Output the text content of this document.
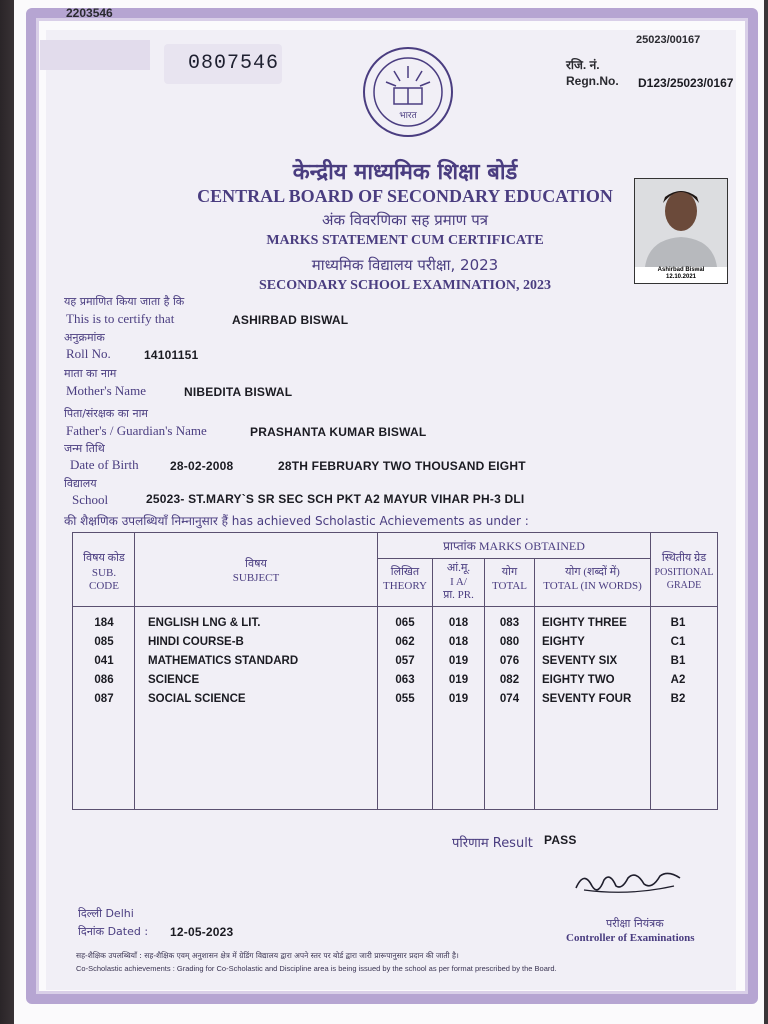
2203546
25023/00167
0807546	रजि. नं.
Regn.No. D123/25023/0167
भारत
केन्द्रीय माध्यमिक शिक्षा बोर्ड
CENTRAL BOARD OF SECONDARY EDUCATION
अंक विवरणिका सह प्रमाण पत्र
MARKS STATEMENT CUM CERTIFICATE
माध्यमिक विद्यालय परीक्षा, 2023
SECONDARY SCHOOL EXAMINATION, 2023
Ashirbad Biswal
12.10.2021
यह प्रमाणित किया जाता है कि
This is to certify that	ASHIRBAD BISWAL
अनुक्रमांक
Roll No.	14101151
माता का नाम
Mother's Name	NIBEDITA BISWAL
पिता/संरक्षक का नाम
Father's / Guardian's Name	PRASHANTA KUMAR BISWAL
जन्म तिथि
Date of Birth	28-02-2008	28TH FEBRUARY TWO THOUSAND EIGHT
विद्यालय
School	25023- ST.MARY`S SR SEC SCH PKT A2 MAYUR VIHAR PH-3 DLI
की शैक्षणिक उपलब्धियाँ निम्नानुसार हैं has achieved Scholastic Achievements as under :
विषय कोड
SUB. CODE
विषय
SUBJECT
प्राप्तांक MARKS OBTAINED
लिखित
THEORY
आं.मू.
I A/
प्रा. PR.
योग
TOTAL
योग (शब्दों में)
TOTAL (IN WORDS)
स्थितीय ग्रेड
POSITIONAL GRADE
184	ENGLISH LNG & LIT.	065	018	083	EIGHTY THREE	B1
085	HINDI COURSE-B	062	018	080	EIGHTY	C1
041	MATHEMATICS STANDARD	057	019	076	SEVENTY SIX	B1
086	SCIENCE	063	019	082	EIGHTY TWO	A2
087	SOCIAL SCIENCE	055	019	074	SEVENTY FOUR	B2
परिणाम Result PASS
दिल्ली Delhi
दिनांक Dated : 12-05-2023
परीक्षा नियंत्रक
Controller of Examinations
सह-शैक्षिक उपलब्धियाँ : सह-शैक्षिक एवम् अनुशासन क्षेत्र में ग्रेडिंग विद्यालय द्वारा अपने स्तर पर बोर्ड द्वारा जारी प्रारूपानुसार प्रदान की जाती है।
Co-Scholastic achievements : Grading for Co-Scholastic and Discipline area is being issued by the school as per format prescribed by the Board.
